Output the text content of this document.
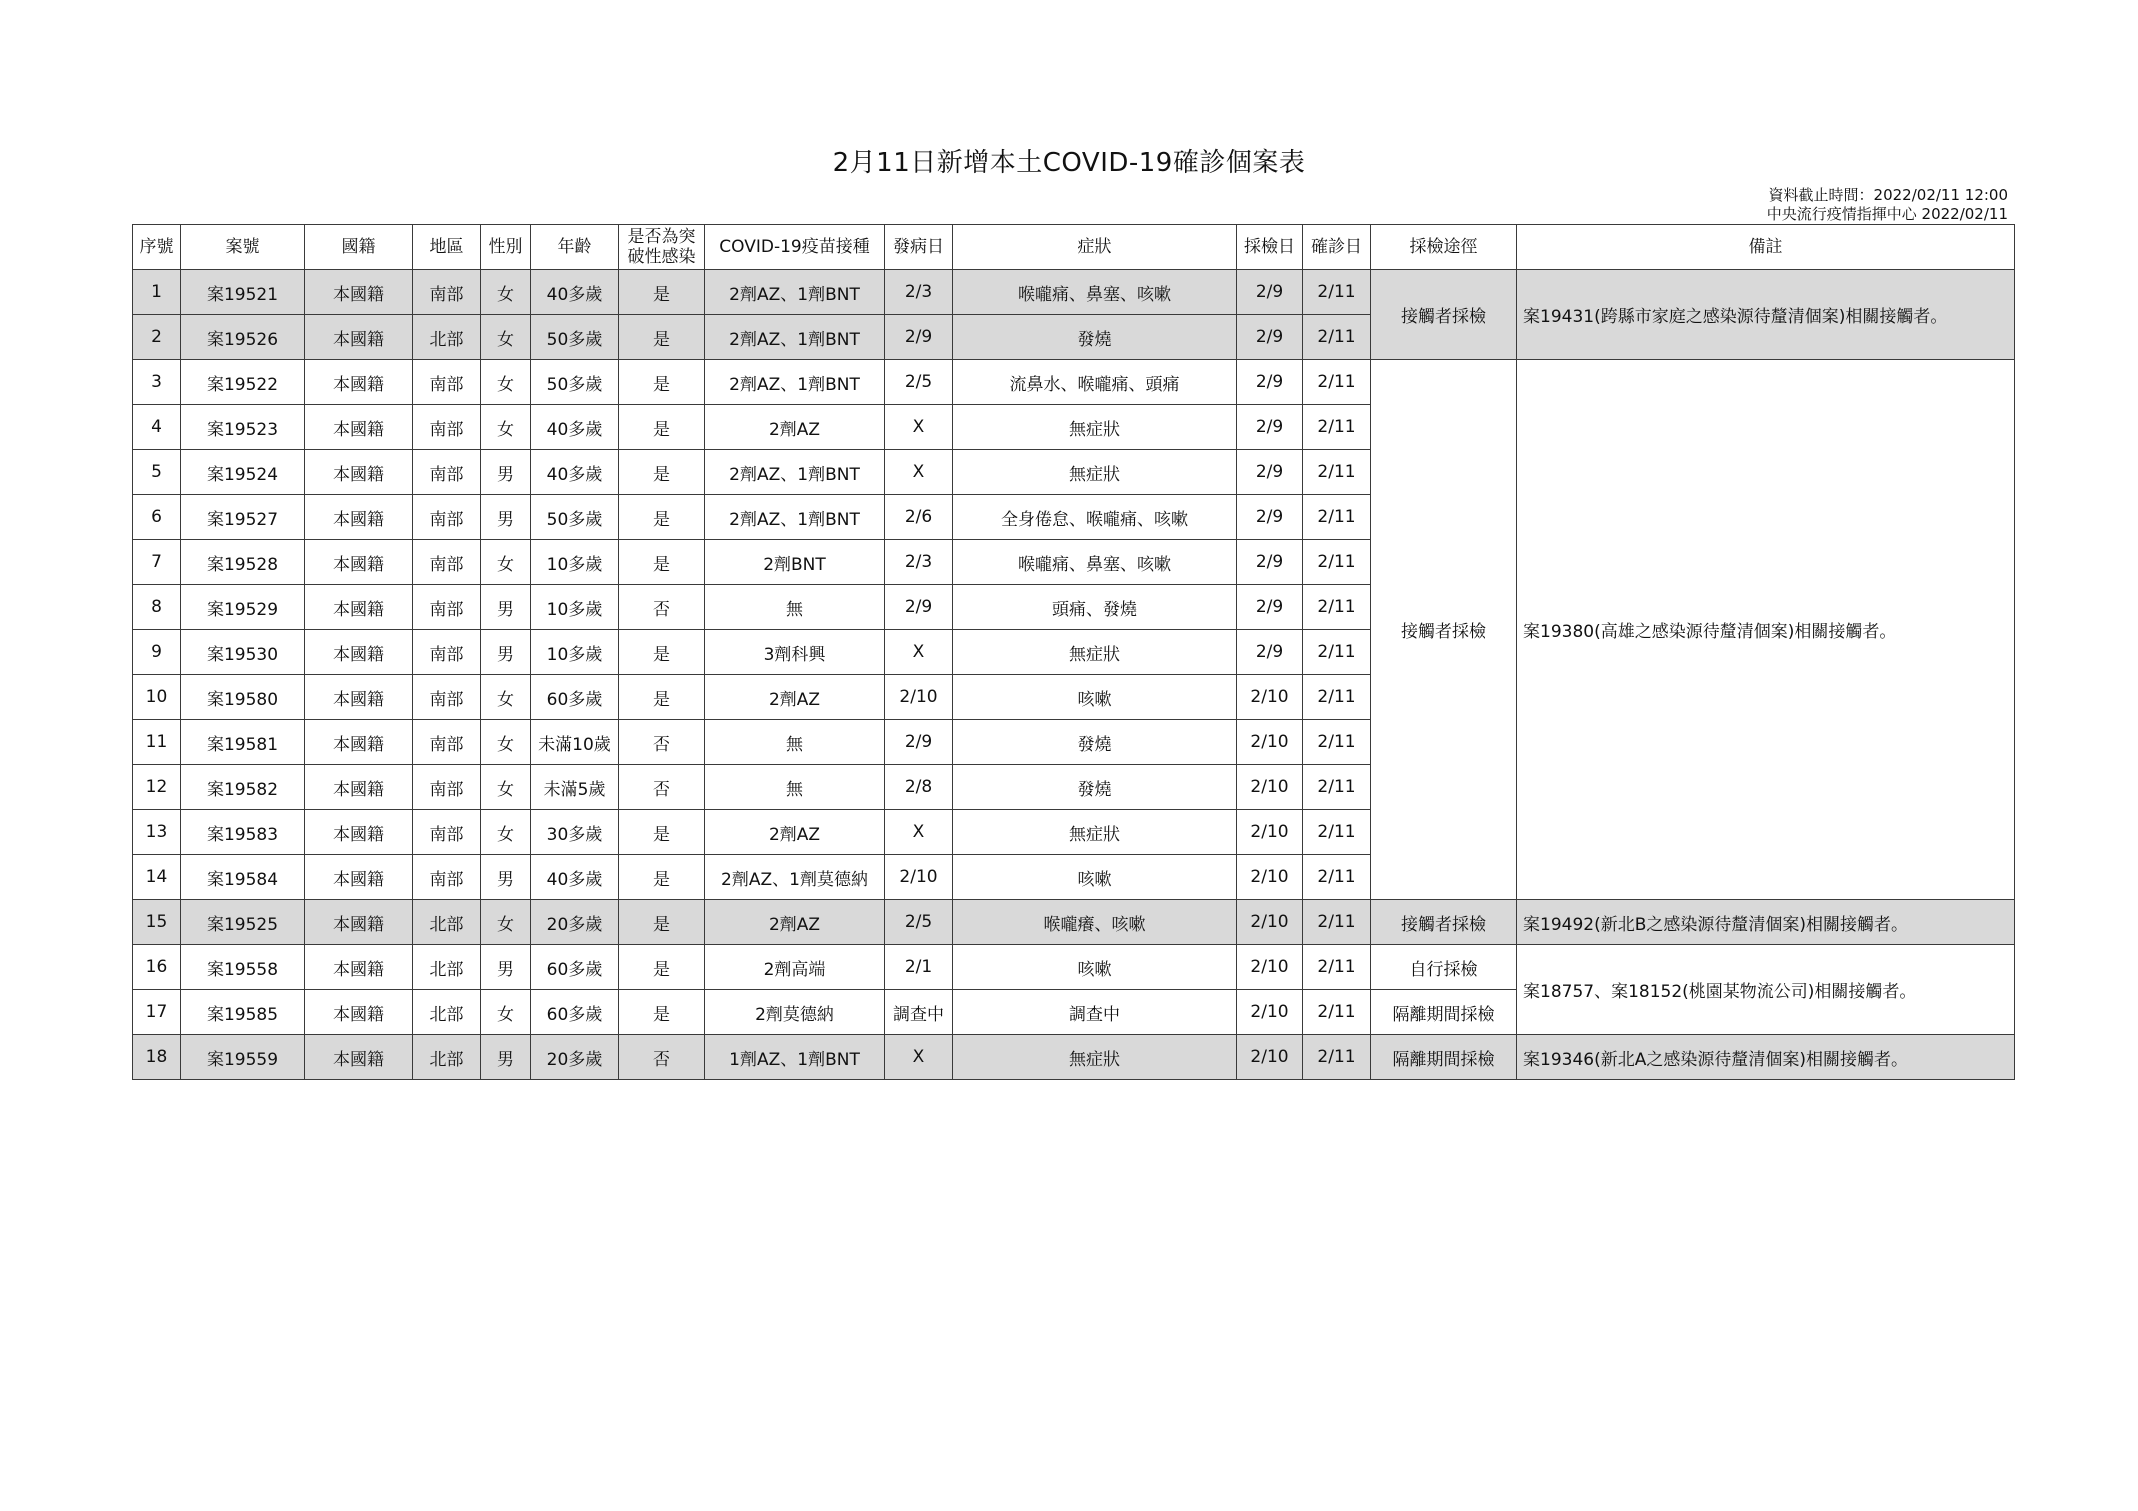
2月11日新增本土COVID-19確診個案表
資料截止時間：2022/02/11 12:00
中央流行疫情指揮中心 2022/02/11
序號	案號	國籍	地區	性別	年齡	是否為突破性感染	COVID-19疫苗接種	發病日	症狀	採檢日	確診日	採檢途徑	備註
1	案19521	本國籍	南部	女	40多歲	是	2劑AZ、1劑BNT	2/3	喉嚨痛、鼻塞、咳嗽	2/9	2/11	接觸者採檢	案19431(跨縣市家庭之感染源待釐清個案)相關接觸者。
2	案19526	本國籍	北部	女	50多歲	是	2劑AZ、1劑BNT	2/9	發燒	2/9	2/11		
3	案19522	本國籍	南部	女	50多歲	是	2劑AZ、1劑BNT	2/5	流鼻水、喉嚨痛、頭痛	2/9	2/11	接觸者採檢	案19380(高雄之感染源待釐清個案)相關接觸者。
4	案19523	本國籍	南部	女	40多歲	是	2劑AZ	X	無症狀	2/9	2/11		
5	案19524	本國籍	南部	男	40多歲	是	2劑AZ、1劑BNT	X	無症狀	2/9	2/11		
6	案19527	本國籍	南部	男	50多歲	是	2劑AZ、1劑BNT	2/6	全身倦怠、喉嚨痛、咳嗽	2/9	2/11		
7	案19528	本國籍	南部	女	10多歲	是	2劑BNT	2/3	喉嚨痛、鼻塞、咳嗽	2/9	2/11		
8	案19529	本國籍	南部	男	10多歲	否	無	2/9	頭痛、發燒	2/9	2/11		
9	案19530	本國籍	南部	男	10多歲	是	3劑科興	X	無症狀	2/9	2/11		
10	案19580	本國籍	南部	女	60多歲	是	2劑AZ	2/10	咳嗽	2/10	2/11		
11	案19581	本國籍	南部	女	未滿10歲	否	無	2/9	發燒	2/10	2/11		
12	案19582	本國籍	南部	女	未滿5歲	否	無	2/8	發燒	2/10	2/11		
13	案19583	本國籍	南部	女	30多歲	是	2劑AZ	X	無症狀	2/10	2/11		
14	案19584	本國籍	南部	男	40多歲	是	2劑AZ、1劑莫德納	2/10	咳嗽	2/10	2/11		
15	案19525	本國籍	北部	女	20多歲	是	2劑AZ	2/5	喉嚨癢、咳嗽	2/10	2/11	接觸者採檢	案19492(新北B之感染源待釐清個案)相關接觸者。
16	案19558	本國籍	北部	男	60多歲	是	2劑高端	2/1	咳嗽	2/10	2/11	自行採檢	案18757、案18152(桃園某物流公司)相關接觸者。
17	案19585	本國籍	北部	女	60多歲	是	2劑莫德納	調查中	調查中	2/10	2/11	隔離期間採檢	
18	案19559	本國籍	北部	男	20多歲	否	1劑AZ、1劑BNT	X	無症狀	2/10	2/11	隔離期間採檢	案19346(新北A之感染源待釐清個案)相關接觸者。
